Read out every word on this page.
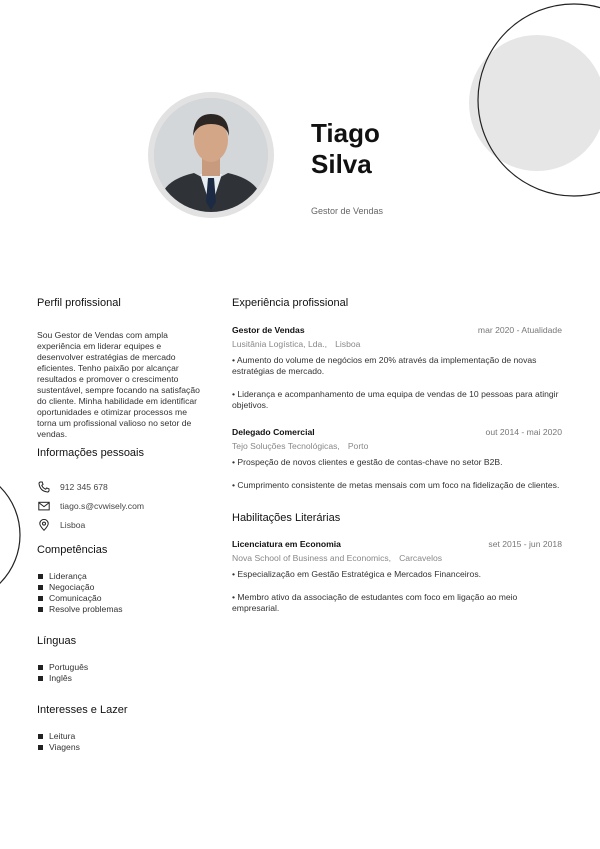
Tiago
Silva
Gestor de Vendas
Perfil profissional
Sou Gestor de Vendas com ampla experiência em liderar equipes e desenvolver estratégias de mercado eficientes. Tenho paixão por alcançar resultados e promover o crescimento sustentável, sempre focando na satisfação do cliente. Minha habilidade em identificar oportunidades e otimizar processos me torna um profissional valioso no setor de vendas.
Informações pessoais
912 345 678
tiago.s@cvwisely.com
Lisboa
Competências
Liderança
Negociação
Comunicação
Resolve problemas
Línguas
Português
Inglês
Interesses e Lazer
Leitura
Viagens
Experiência profissional
Gestor de Vendas	mar 2020 - Atualidade
Lusitânia Logística, Lda., Lisboa
• Aumento do volume de negócios em 20% através da implementação de novas estratégias de mercado.
• Liderança e acompanhamento de uma equipa de vendas de 10 pessoas para atingir objetivos.
Delegado Comercial	out 2014 - mai 2020
Tejo Soluções Tecnológicas, Porto
• Prospeção de novos clientes e gestão de contas-chave no setor B2B.
• Cumprimento consistente de metas mensais com um foco na fidelização de clientes.
Habilitações Literárias
Licenciatura em Economia	set 2015 - jun 2018
Nova School of Business and Economics, Carcavelos
• Especialização em Gestão Estratégica e Mercados Financeiros.
• Membro ativo da associação de estudantes com foco em ligação ao meio empresarial.
